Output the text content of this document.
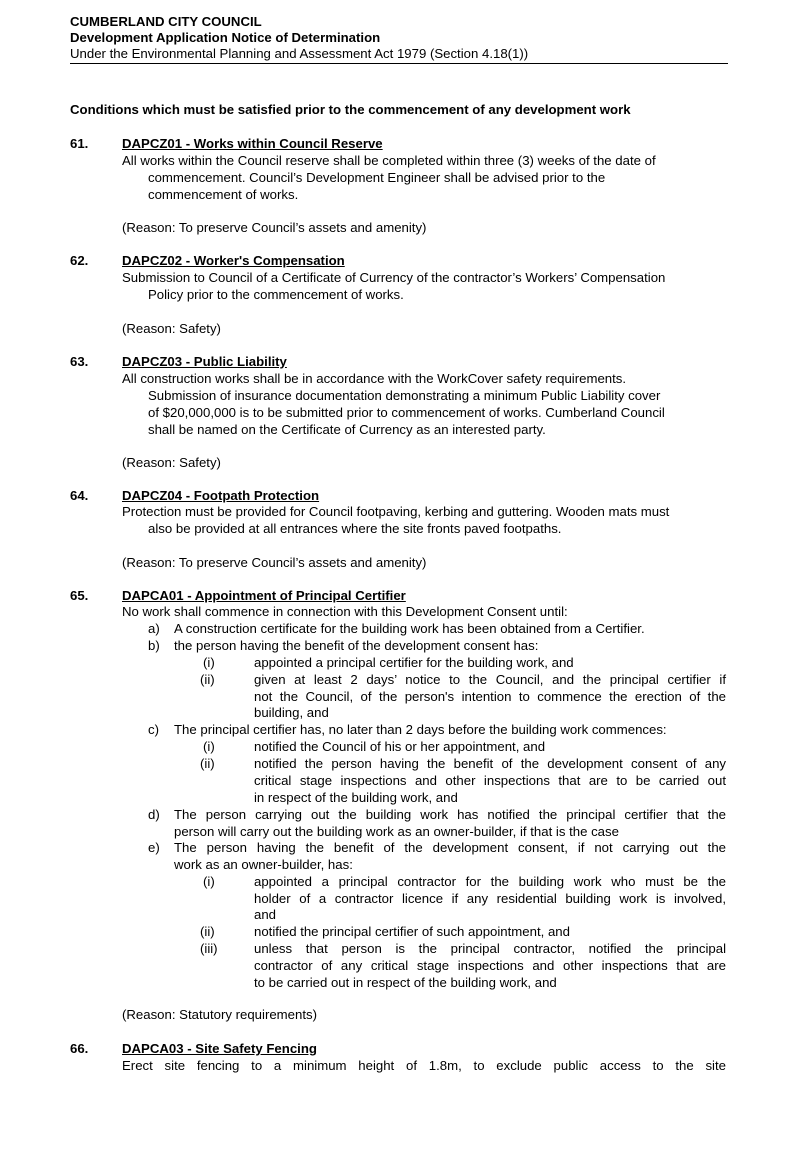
CUMBERLAND CITY COUNCIL
Development Application Notice of Determination
Under the Environmental Planning and Assessment Act 1979 (Section 4.18(1))
Conditions which must be satisfied prior to the commencement of any development work
61.	DAPCZ01 - Works within Council Reserve
All works within the Council reserve shall be completed within three (3) weeks of the date of
commencement. Council’s Development Engineer shall be advised prior to the
commencement of works.
(Reason: To preserve Council’s assets and amenity)
62.	DAPCZ02 - Worker's Compensation
Submission to Council of a Certificate of Currency of the contractor’s Workers’ Compensation
Policy prior to the commencement of works.
(Reason: Safety)
63.	DAPCZ03 - Public Liability
All construction works shall be in accordance with the WorkCover safety requirements.
Submission of insurance documentation demonstrating a minimum Public Liability cover
of $20,000,000 is to be submitted prior to commencement of works. Cumberland Council
shall be named on the Certificate of Currency as an interested party.
(Reason: Safety)
64.	DAPCZ04 - Footpath Protection
Protection must be provided for Council footpaving, kerbing and guttering. Wooden mats must
also be provided at all entrances where the site fronts paved footpaths.
(Reason: To preserve Council’s assets and amenity)
65.	DAPCA01 - Appointment of Principal Certifier
No work shall commence in connection with this Development Consent until:
a) A construction certificate for the building work has been obtained from a Certifier.
b) the person having the benefit of the development consent has:
(i)	appointed a principal certifier for the building work, and
(ii)	given at least 2 days’ notice to the Council, and the principal certifier if
not the Council, of the person's intention to commence the erection of the
building, and
c) The principal certifier has, no later than 2 days before the building work commences:
(i)	notified the Council of his or her appointment, and
(ii)	notified the person having the benefit of the development consent of any
critical stage inspections and other inspections that are to be carried out
in respect of the building work, and
d) The person carrying out the building work has notified the principal certifier that the
person will carry out the building work as an owner-builder, if that is the case
e) The person having the benefit of the development consent, if not carrying out the
work as an owner-builder, has:
(i)	appointed a principal contractor for the building work who must be the
holder of a contractor licence if any residential building work is involved,
and
(ii)	notified the principal certifier of such appointment, and
(iii)	unless that person is the principal contractor, notified the principal
contractor of any critical stage inspections and other inspections that are
to be carried out in respect of the building work, and
(Reason: Statutory requirements)
66.	DAPCA03 - Site Safety Fencing
Erect site fencing to a minimum height of 1.8m, to exclude public access to the site
